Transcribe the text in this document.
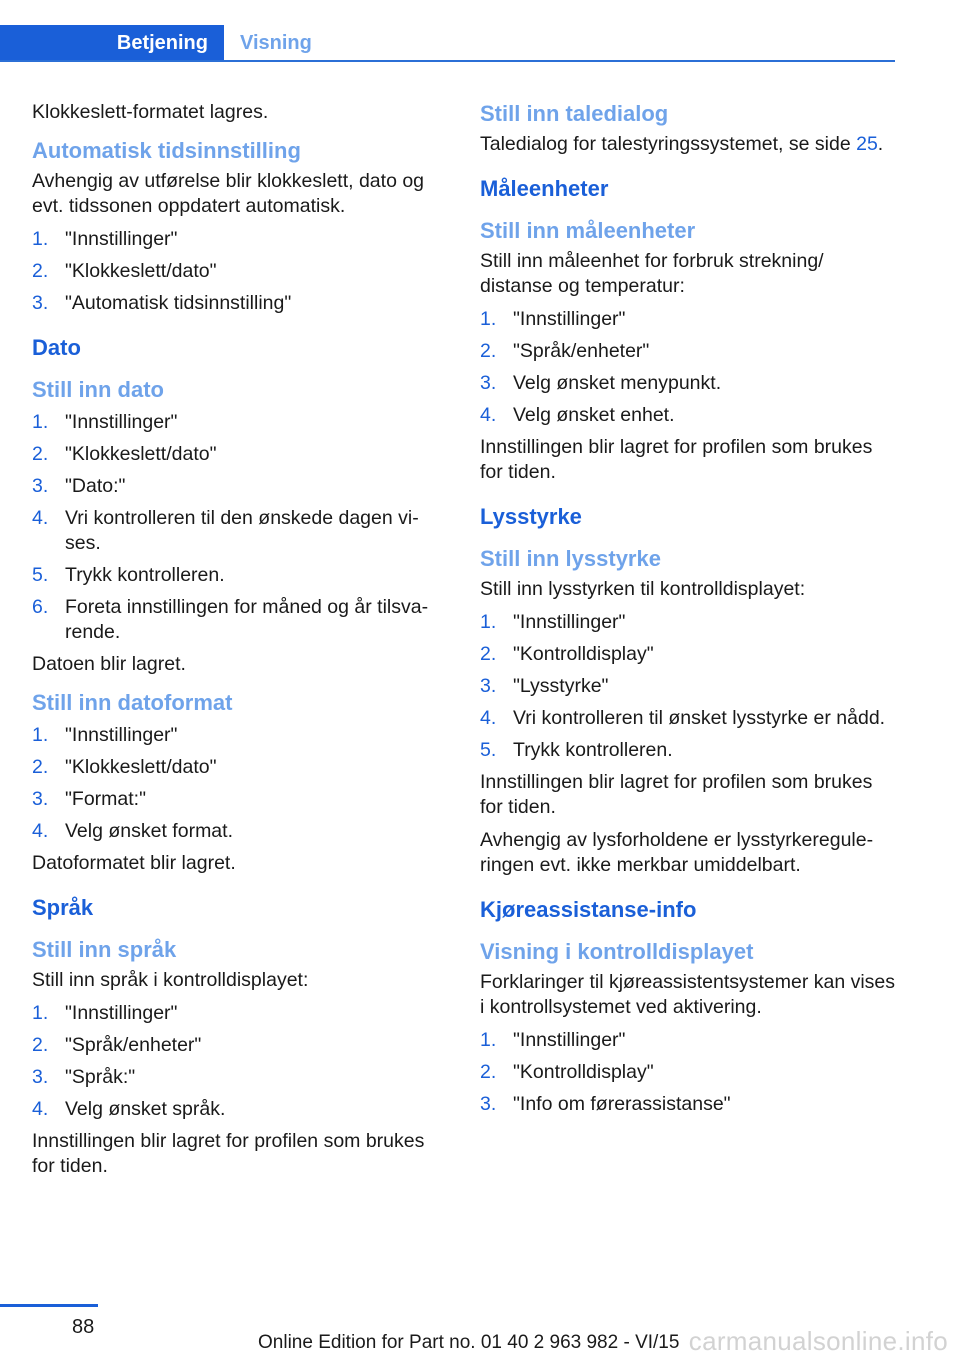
Betjening	Visning

Klokkeslett-formatet lagres.

Automatisk tidsinnstilling

Avhengig av utførelse blir klokkeslett, dato og evt. tidssonen oppdatert automatisk.

1. "Innstillinger"
2. "Klokkeslett/dato"
3. "Automatisk tidsinnstilling"
Dato
Still inn dato
1. "Innstillinger"
2. "Klokkeslett/dato"
3. "Dato:"
4. Vri kontrolleren til den ønskede dagen vises.
5. Trykk kontrolleren.
6. Foreta innstillingen for måned og år tilsvarende.

Datoen blir lagret.

Still inn datoformat
1. "Innstillinger"
2. "Klokkeslett/dato"
3. "Format:"
4. Velg ønsket format.

Datoformatet blir lagret.

Språk
Still inn språk

Still inn språk i kontrolldisplayet:

1. "Innstillinger"
2. "Språk/enheter"
3. "Språk:"
4. Velg ønsket språk.

Innstillingen blir lagret for profilen som brukes for tiden.

Still inn taledialog

Taledialog for talestyringssystemet, se side 25.

Måleenheter
Still inn måleenheter

Still inn måleenhet for forbruk strekning/ distanse og temperatur:

1. "Innstillinger"
2. "Språk/enheter"
3. Velg ønsket menypunkt.
4. Velg ønsket enhet.

Innstillingen blir lagret for profilen som brukes for tiden.

Lysstyrke
Still inn lysstyrke

Still inn lysstyrken til kontrolldisplayet:

1. "Innstillinger"
2. "Kontrolldisplay"
3. "Lysstyrke"
4. Vri kontrolleren til ønsket lysstyrke er nådd.
5. Trykk kontrolleren.

Innstillingen blir lagret for profilen som brukes for tiden.

Avhengig av lysforholdene er lysstyrkereguleringen evt. ikke merkbar umiddelbart.

Kjøreassistanse-info
Visning i kontrolldisplayet

Forklaringer til kjøreassistentsystemer kan vises i kontrollsystemet ved aktivering.

1. "Innstillinger"
2. "Kontrolldisplay"
3. "Info om førerassistanse"
88
Online Edition for Part no. 01 40 2 963 982 - VI/15 carmanualsonline.info
